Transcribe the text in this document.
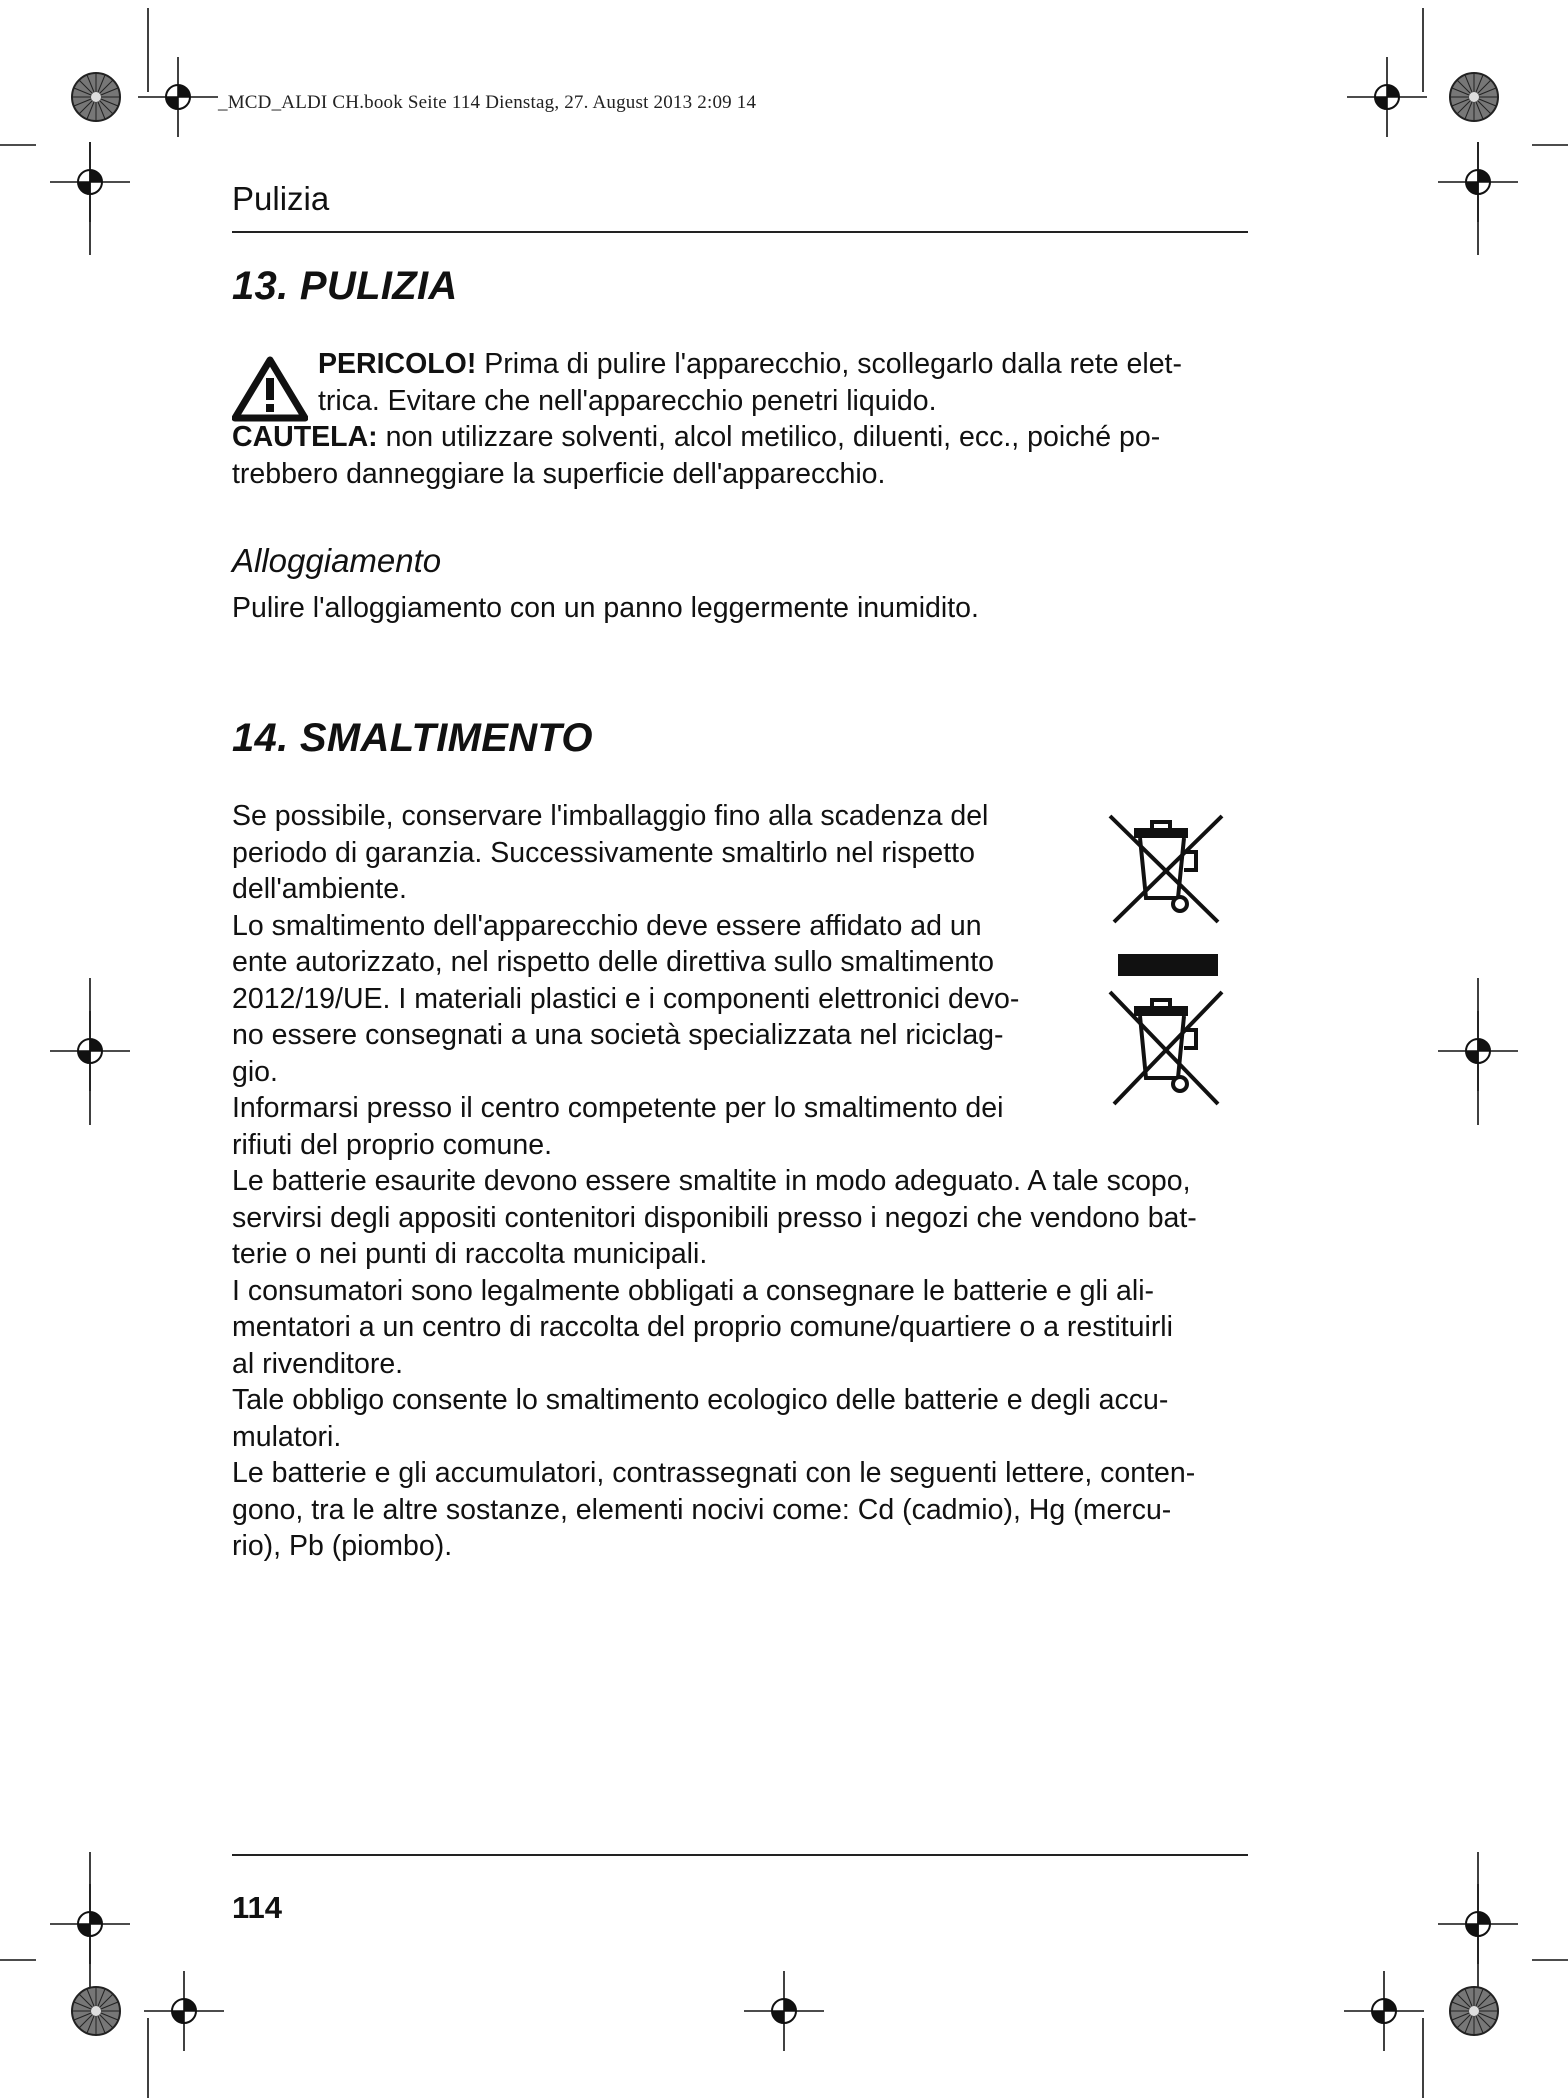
_MCD_ALDI CH.book Seite 114 Dienstag, 27. August 2013 2:09 14
Pulizia
13. PULIZIA

PERICOLO! Prima di pulire l'apparecchio, scollegarlo dalla rete elet-

trica. Evitare che nell'apparecchio penetri liquido.

CAUTELA: non utilizzare solventi, alcol metilico, diluenti, ecc., poiché po-

trebbero danneggiare la superficie dell'apparecchio.

Alloggiamento
Pulire l'alloggiamento con un panno leggermente inumidito.
14. SMALTIMENTO

Se possibile, conservare l'imballaggio fino alla scadenza del

periodo di garanzia. Successivamente smaltirlo nel rispetto

dell'ambiente.

Lo smaltimento dell'apparecchio deve essere affidato ad un

ente autorizzato, nel rispetto delle direttiva sullo smaltimento

2012/19/UE. I materiali plastici e i componenti elettronici devo-

no essere consegnati a una società specializzata nel riciclag-

gio.

Informarsi presso il centro competente per lo smaltimento dei

rifiuti del proprio comune.

Le batterie esaurite devono essere smaltite in modo adeguato. A tale scopo,

servirsi degli appositi contenitori disponibili presso i negozi che vendono bat-

terie o nei punti di raccolta municipali.

I consumatori sono legalmente obbligati a consegnare le batterie e gli ali-

mentatori a un centro di raccolta del proprio comune/quartiere o a restituirli

al rivenditore.

Tale obbligo consente lo smaltimento ecologico delle batterie e degli accu-

mulatori.

Le batterie e gli accumulatori, contrassegnati con le seguenti lettere, conten-

gono, tra le altre sostanze, elementi nocivi come: Cd (cadmio), Hg (mercu-

rio), Pb (piombo).

114
